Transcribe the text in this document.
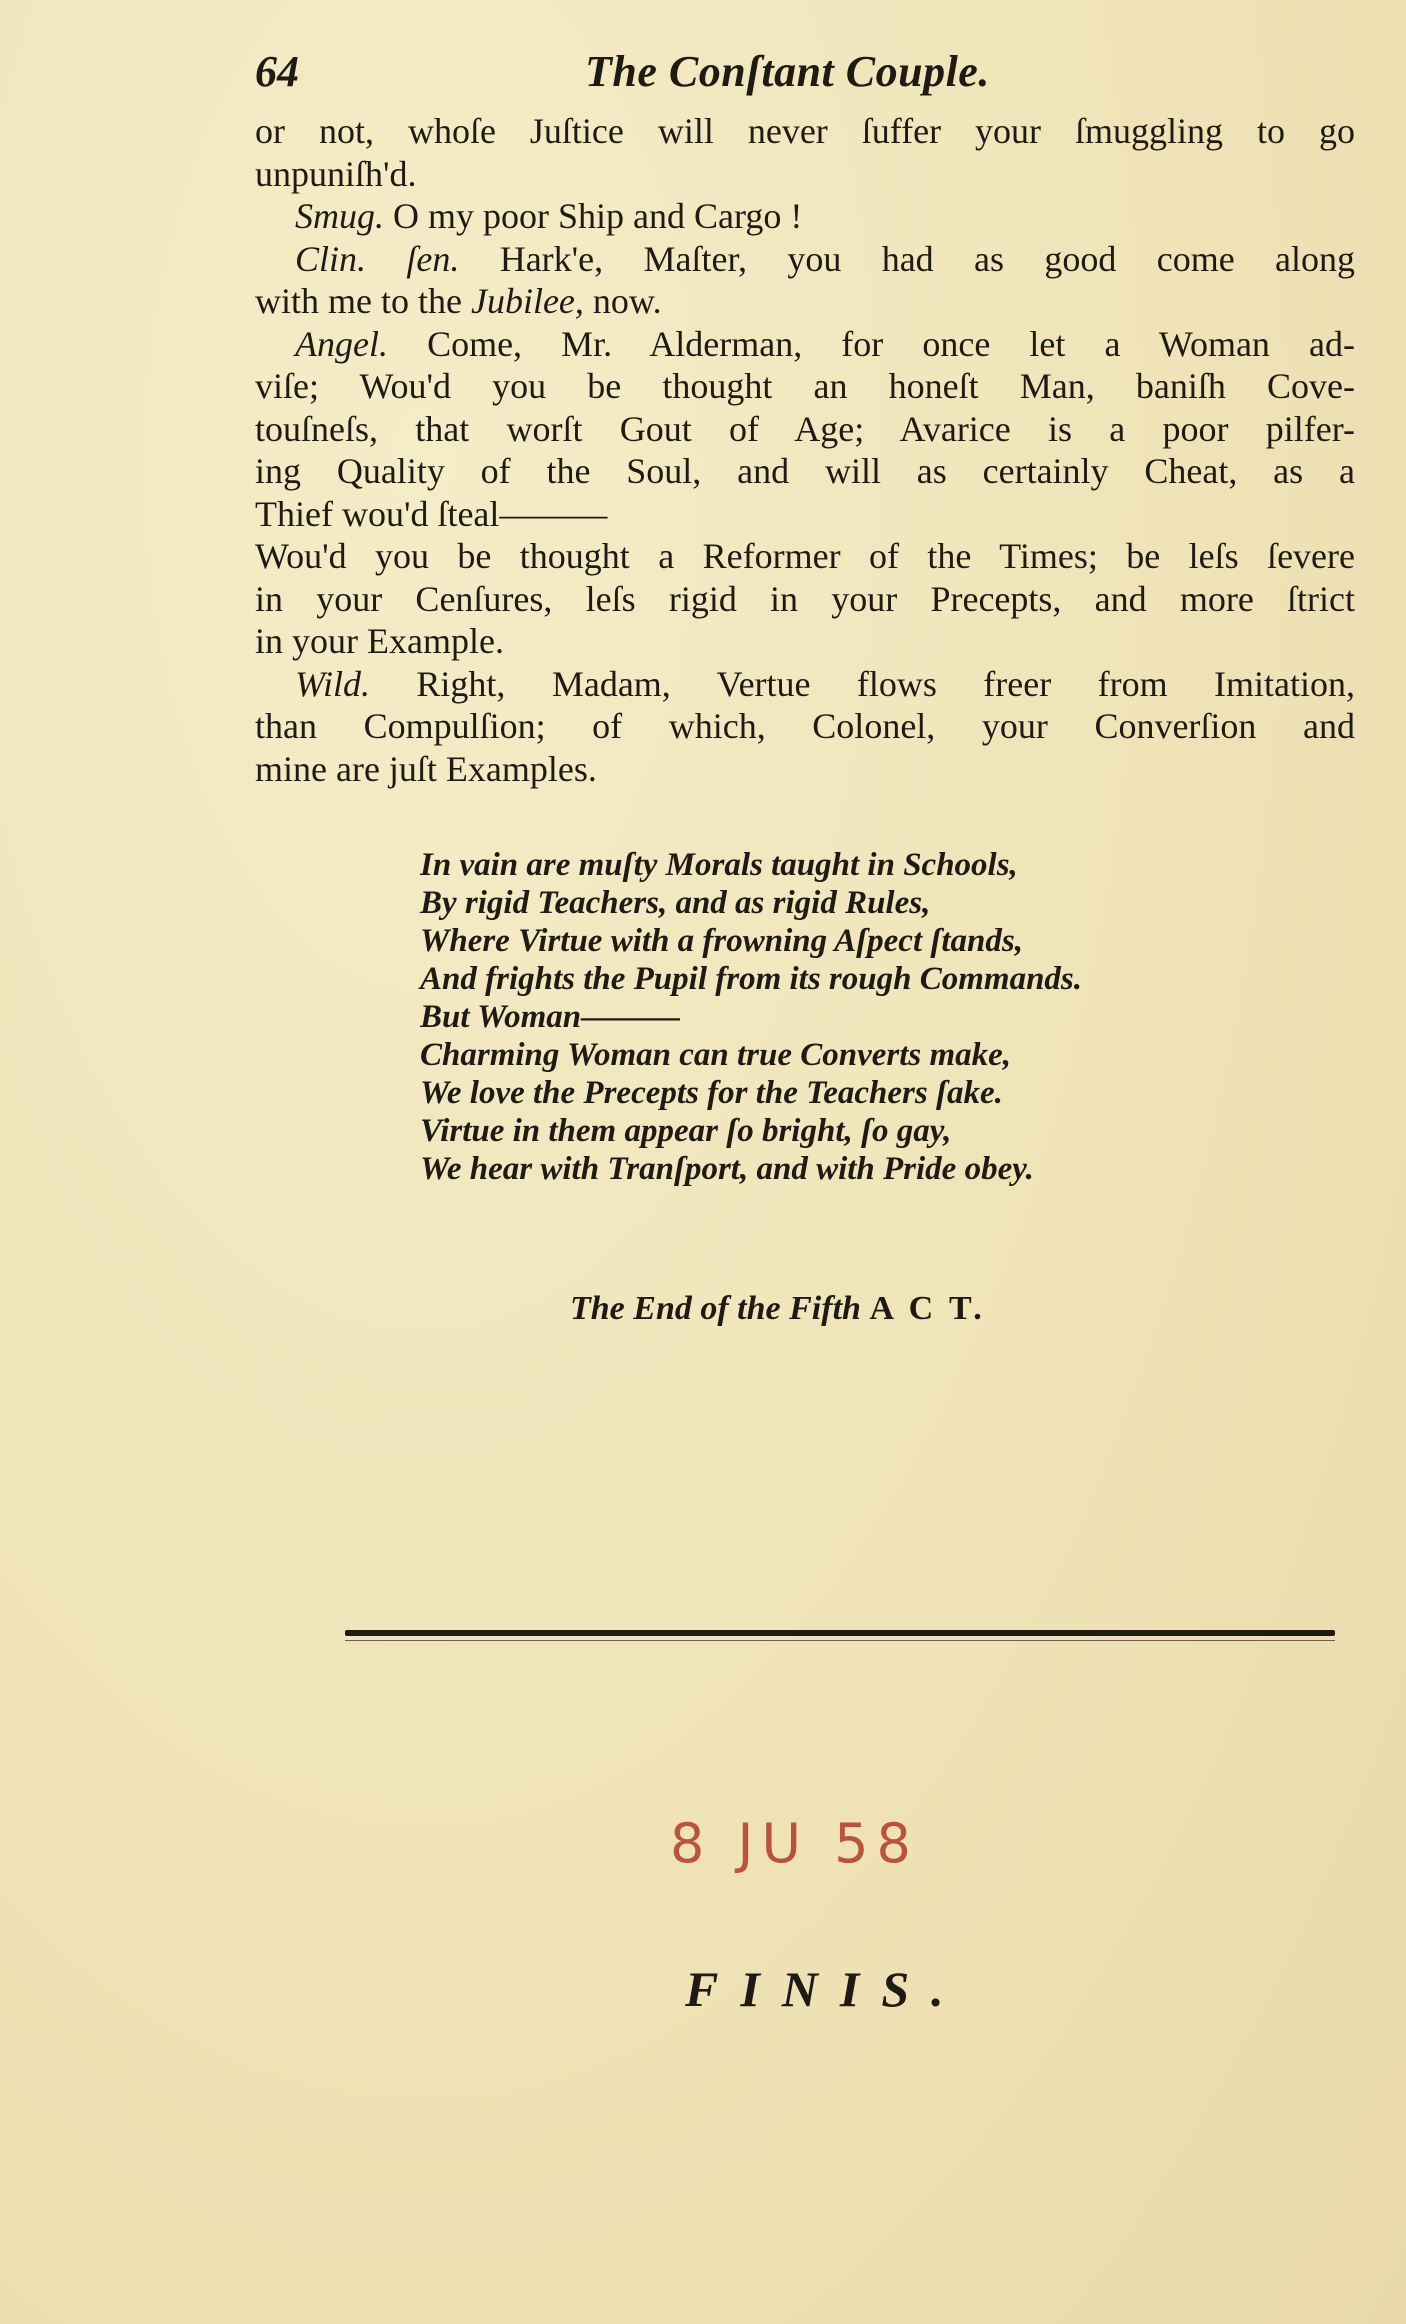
64	The Conſtant Couple.
or not, whoſe Juſtice will never ſuffer your ſmuggling to go
unpuniſh'd.
Smug. O my poor Ship and Cargo !
Clin. ſen. Hark'e, Maſter, you had as good come along
with me to the Jubilee, now.
Angel. Come, Mr. Alderman, for once let a Woman ad-
viſe; Wou'd you be thought an honeſt Man, baniſh Cove-
touſneſs, that worſt Gout of Age; Avarice is a poor pilfer-
ing Quality of the Soul, and will as certainly Cheat, as a
Thief wou'd ſteal———
Wou'd you be thought a Reformer of the Times; be leſs ſevere
in your Cenſures, leſs rigid in your Precepts, and more ſtrict
in your Example.
Wild. Right, Madam, Vertue flows freer from Imitation,
than Compulſion; of which, Colonel, your Converſion and
mine are juſt Examples.
In vain are muſty Morals taught in Schools,
By rigid Teachers, and as rigid Rules,
Where Virtue with a frowning Aſpect ſtands,
And frights the Pupil from its rough Commands.
But Woman———
Charming Woman can true Converts make,
We love the Precepts for the Teachers ſake.
Virtue in them appear ſo bright, ſo gay,
We hear with Tranſport, and with Pride obey.
The End of the Fifth A C T.
8 JU 58
FINIS.
